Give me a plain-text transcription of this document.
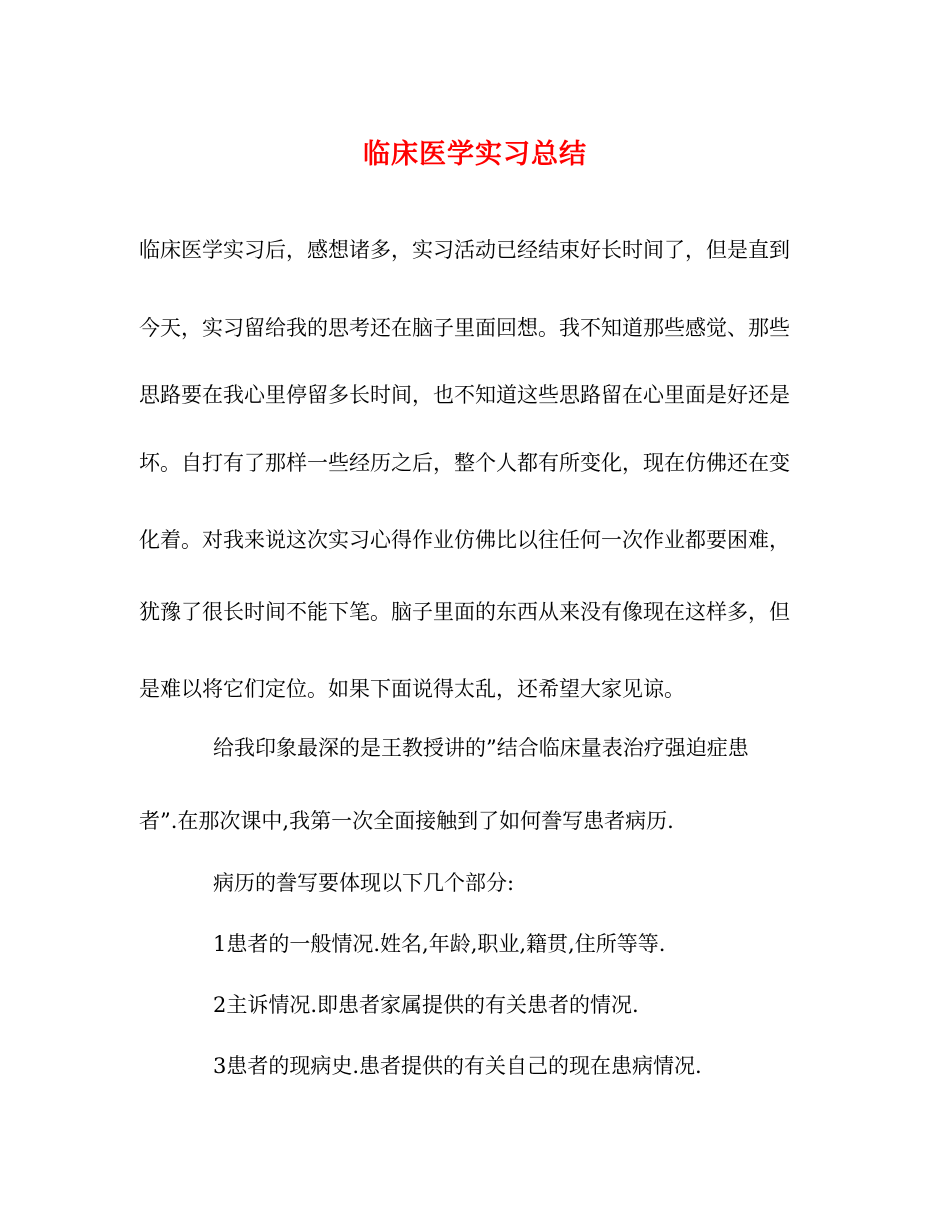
临床医学实习总结
临床医学实习后，感想诸多，实习活动已经结束好长时间了，但是直到
今天，实习留给我的思考还在脑子里面回想。我不知道那些感觉、那些
思路要在我心里停留多长时间，也不知道这些思路留在心里面是好还是
坏。自打有了那样一些经历之后，整个人都有所变化，现在仿佛还在变
化着。对我来说这次实习心得作业仿佛比以往任何一次作业都要困难，
犹豫了很长时间不能下笔。脑子里面的东西从来没有像现在这样多，但
是难以将它们定位。如果下面说得太乱，还希望大家见谅。
给我印象最深的是王教授讲的”结合临床量表治疗强迫症患
者”.在那次课中,我第一次全面接触到了如何誊写患者病历.
病历的誊写要体现以下几个部分:
1患者的一般情况.姓名,年龄,职业,籍贯,住所等等.
2主诉情况.即患者家属提供的有关患者的情况.
3患者的现病史.患者提供的有关自己的现在患病情况.
